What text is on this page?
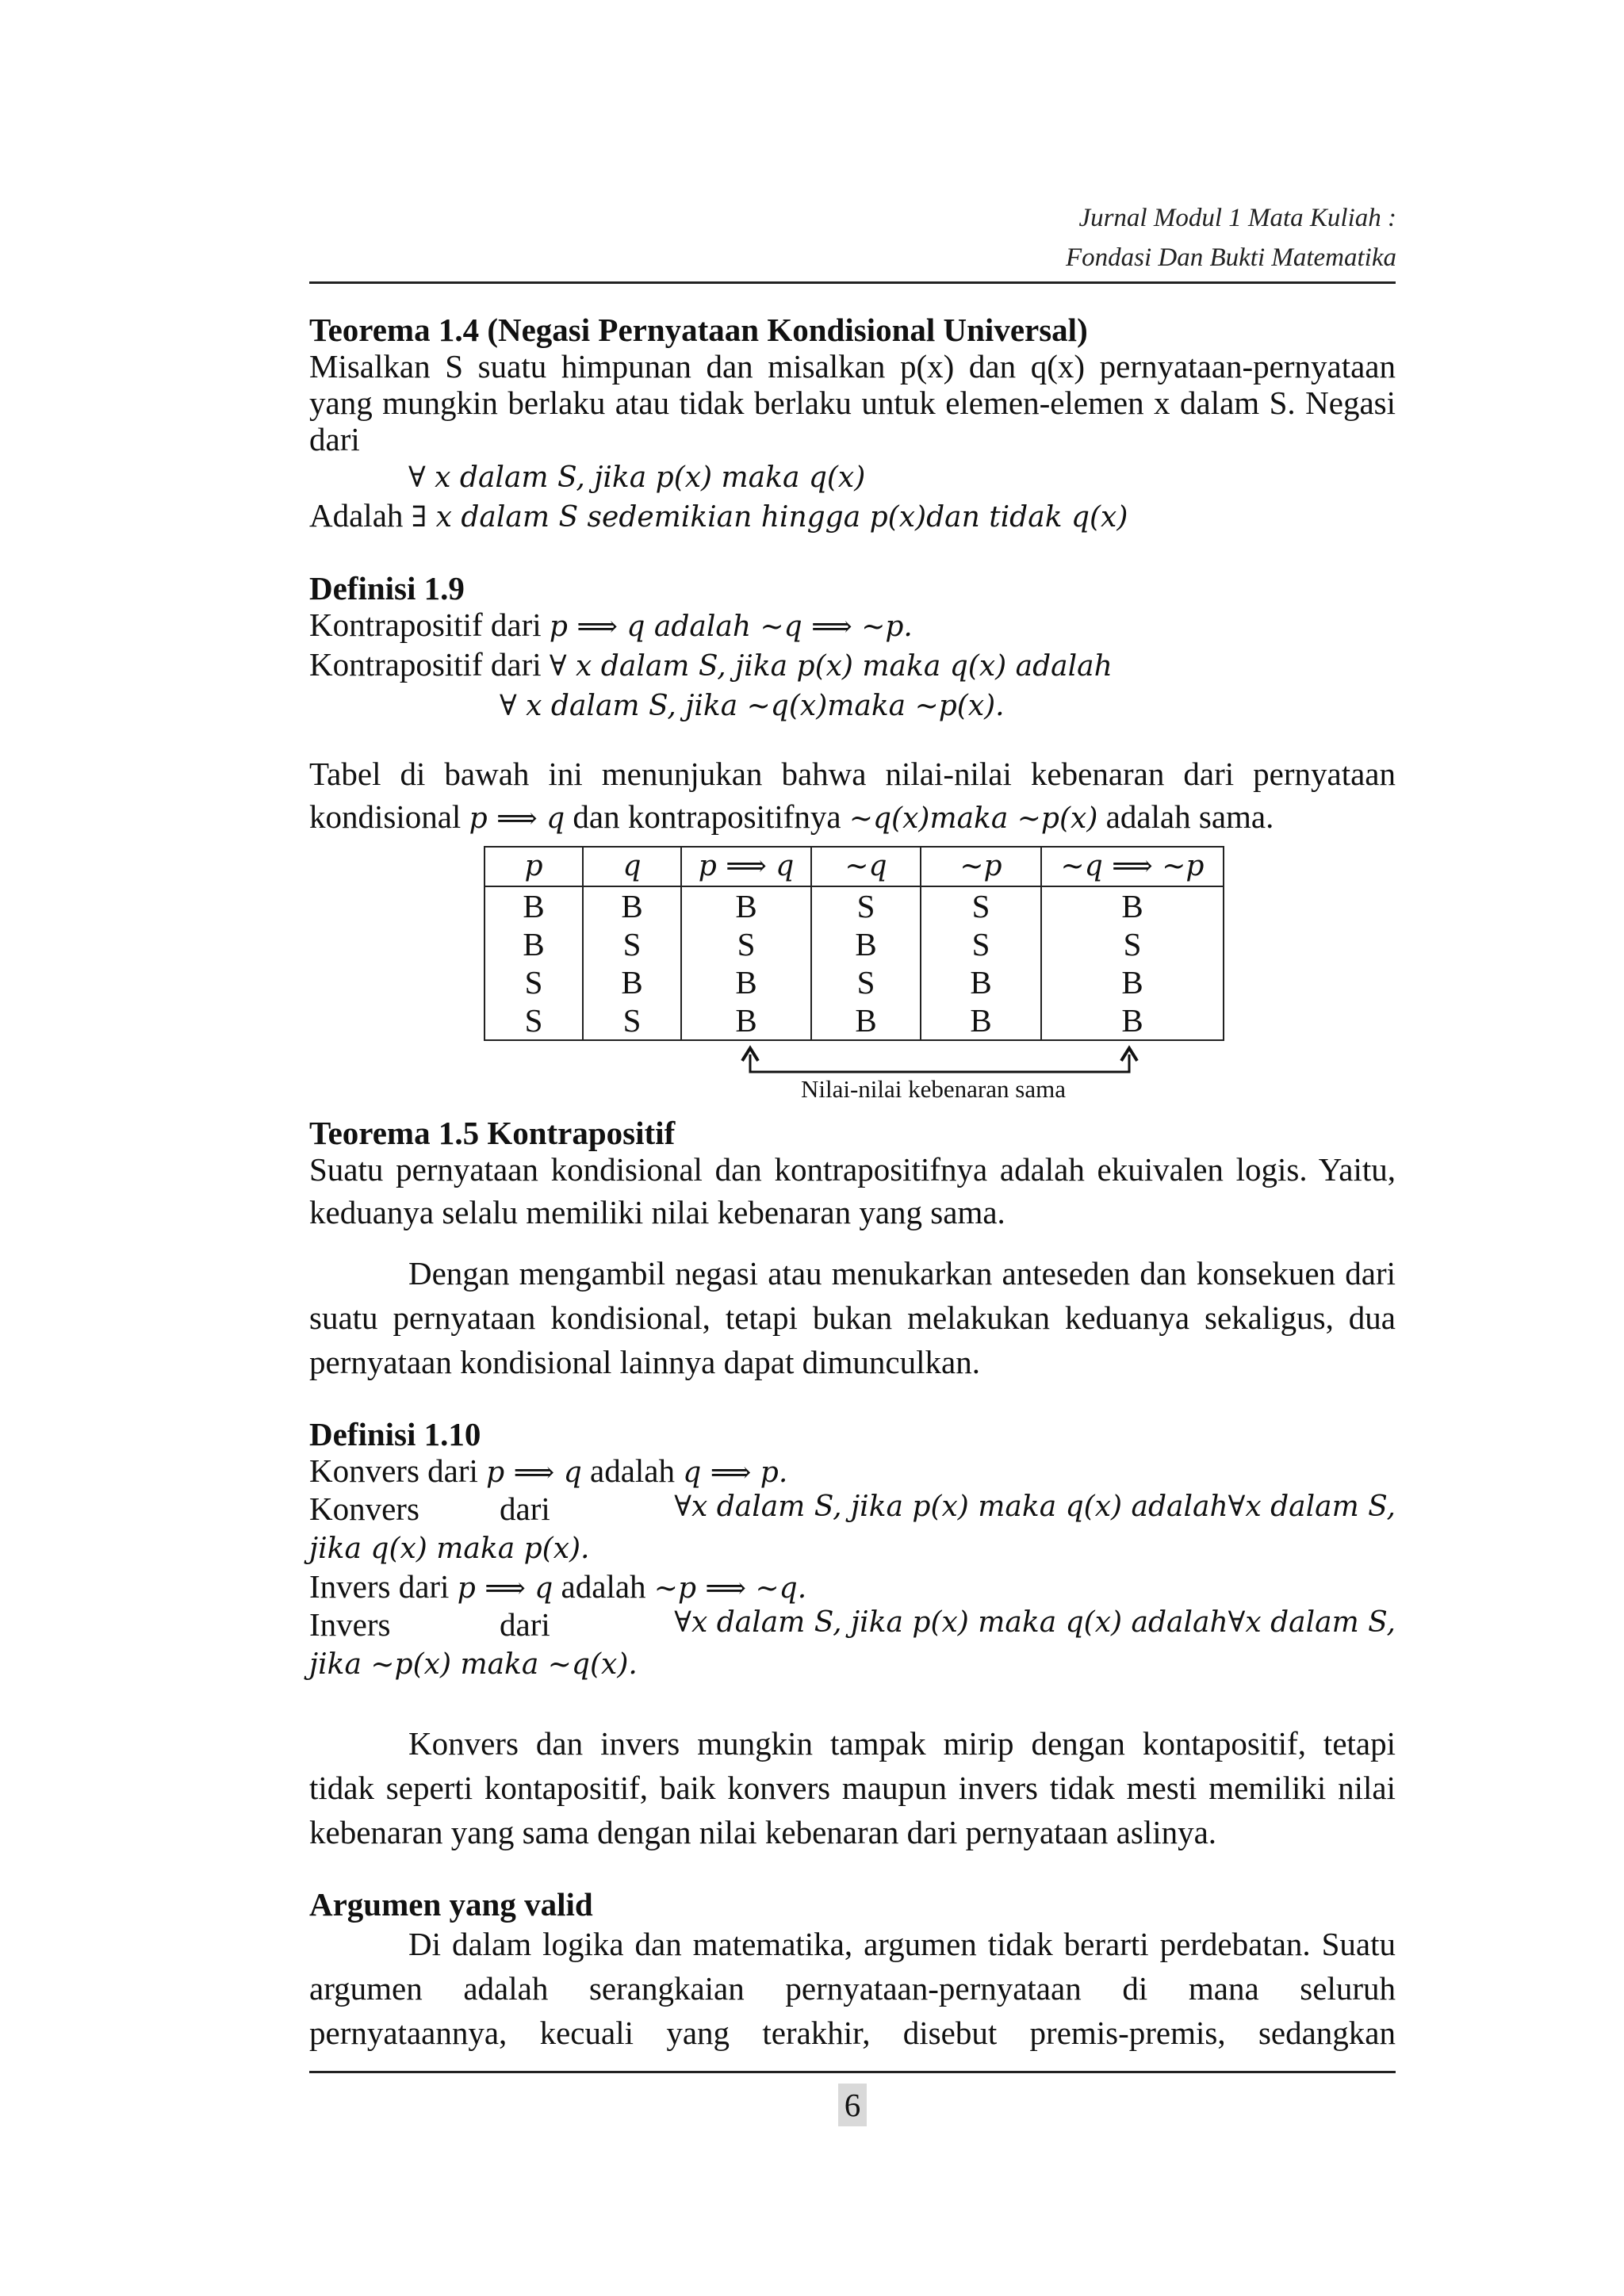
Jurnal Modul 1 Mata Kuliah :
Fondasi Dan Bukti Matematika
Teorema 1.4 (Negasi Pernyataan Kondisional Universal)
Misalkan S suatu himpunan dan misalkan p(x) dan q(x) pernyataan-pernyataan
yang mungkin berlaku atau tidak berlaku untuk elemen-elemen x dalam S. Negasi
dari
∀ x dalam S, jika p(x) maka q(x)
Adalah ∃ x dalam S sedemikian hingga p(x)dan tidak q(x)
Definisi 1.9
Kontrapositif dari p ⟹ q adalah ~q ⟹ ~p.
Kontrapositif dari ∀ x dalam S, jika p(x) maka q(x) adalah
∀ x dalam S, jika ~q(x)maka ~p(x).
Tabel di bawah ini menunjukan bahwa nilai-nilai kebenaran dari pernyataan
kondisional p ⟹ q dan kontrapositifnya ~q(x)maka ~p(x) adalah sama.
p	q	p ⟹ q	~q	~p	~q ⟹ ~p
B	B	B	S	S	B
B	S	S	B	S	S
S	B	B	S	B	B
S	S	B	B	B	B
Nilai-nilai kebenaran sama
Teorema 1.5 Kontrapositif
Suatu pernyataan kondisional dan kontrapositifnya adalah ekuivalen logis. Yaitu,
keduanya selalu memiliki nilai kebenaran yang sama.
Dengan mengambil negasi atau menukarkan anteseden dan konsekuen dari
suatu pernyataan kondisional, tetapi bukan melakukan keduanya sekaligus, dua
pernyataan kondisional lainnya dapat dimunculkan.
Definisi 1.10
Konvers dari p ⟹ q adalah q ⟹ p.
Konvers dari	∀x dalam S, jika p(x) maka q(x) adalah∀x dalam S,
jika q(x) maka p(x).
Invers dari p ⟹ q adalah ~p ⟹ ~q.
Invers	dari	∀x dalam S, jika p(x) maka q(x) adalah∀x dalam S,
jika ~p(x) maka ~q(x).
Konvers dan invers mungkin tampak mirip dengan kontapositif, tetapi
tidak seperti kontapositif, baik konvers maupun invers tidak mesti memiliki nilai
kebenaran yang sama dengan nilai kebenaran dari pernyataan aslinya.
Argumen yang valid
Di dalam logika dan matematika, argumen tidak berarti perdebatan. Suatu
argumen adalah serangkaian pernyataan-pernyataan di mana seluruh
pernyataannya, kecuali yang terakhir, disebut premis-premis, sedangkan
6
